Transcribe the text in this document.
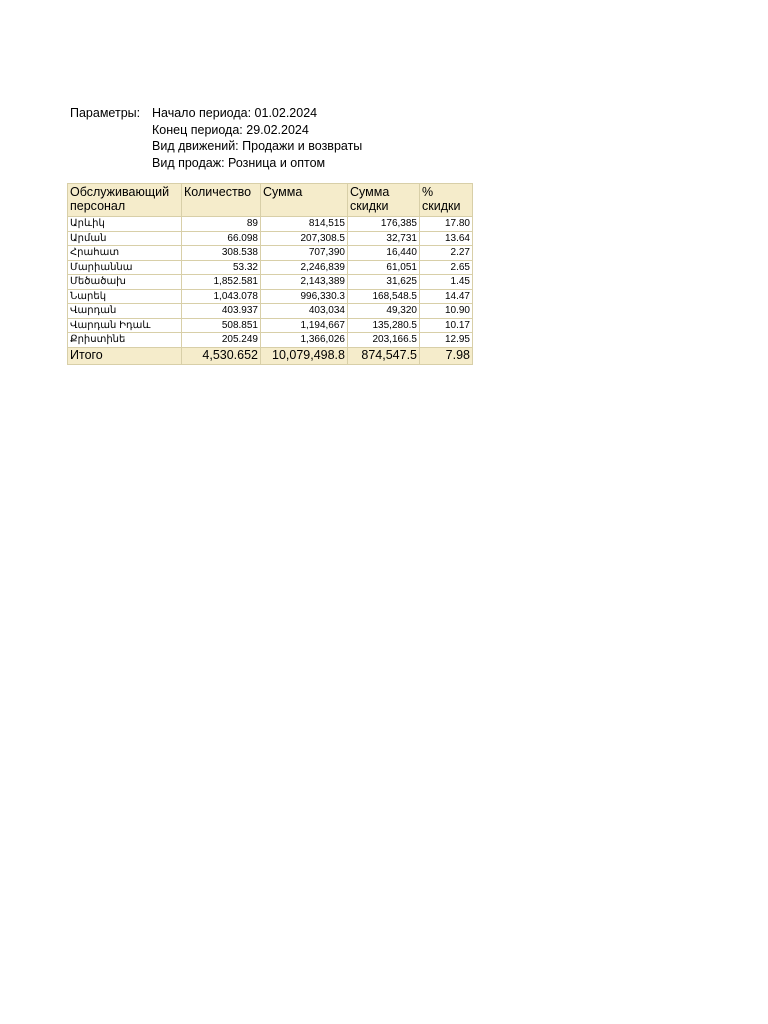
Параметры: Начало периода: 01.02.2024
Конец периода: 29.02.2024
Вид движений: Продажи и возвраты
Вид продаж: Розница и оптом
Обслуживающий персонал	Количество	Сумма	Сумма скидки	% скидки
Արևիկ	89	814,515	176,385	17.80
Արման	66.098	207,308.5	32,731	13.64
Հրահատ	308.538	707,390	16,440	2.27
Մարիաննա	53.32	2,246,839	61,051	2.65
Մեծածախ	1,852.581	2,143,389	31,625	1.45
Նարեկ	1,043.078	996,330.3	168,548.5	14.47
Վարդան	403.937	403,034	49,320	10.90
Վարդան Իդաև	508.851	1,194,667	135,280.5	10.17
Քրիստինե	205.249	1,366,026	203,166.5	12.95
Итого	4,530.652	10,079,498.8	874,547.5	7.98
